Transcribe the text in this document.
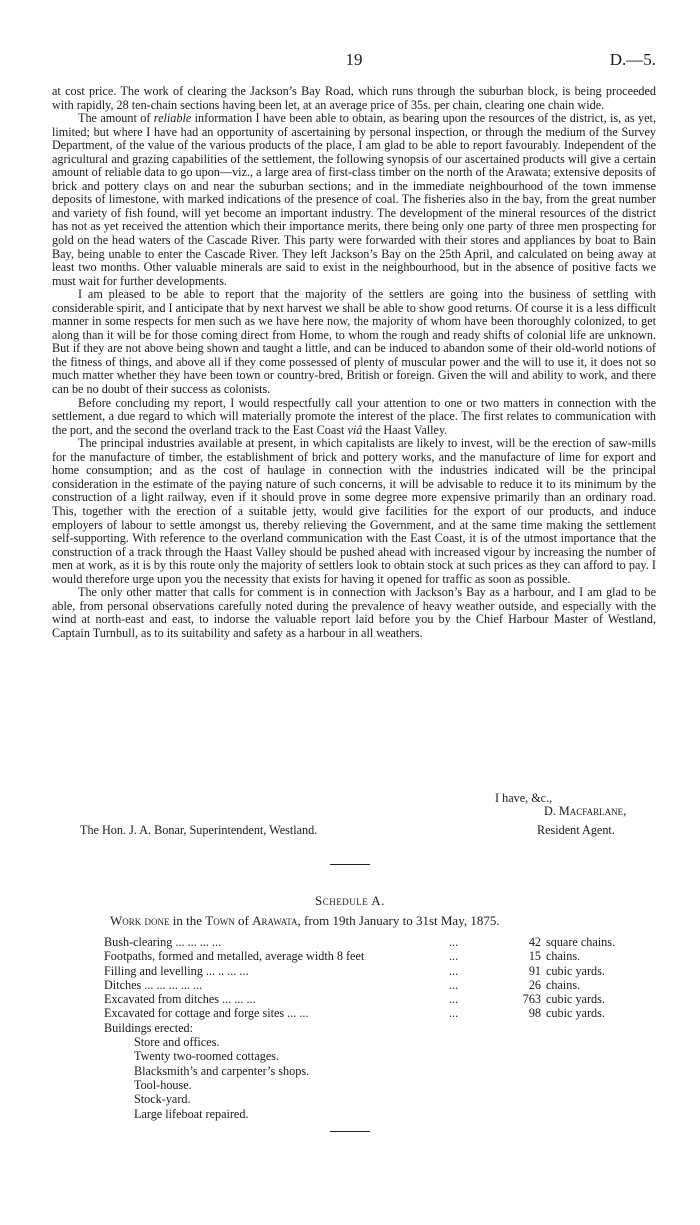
19	D.—5.

at cost price. The work of clearing the Jackson’s Bay Road, which runs through the suburban block, is being proceeded with rapidly, 28 ten-chain sections having been let, at an average price of 35s. per chain, clearing one chain wide.

The amount of reliable information I have been able to obtain, as bearing upon the resources of the district, is, as yet, limited; but where I have had an opportunity of ascertaining by personal inspection, or through the medium of the Survey Department, of the value of the various products of the place, I am glad to be able to report favourably. Independent of the agricultural and grazing capabilities of the settlement, the following synopsis of our ascertained products will give a certain amount of reliable data to go upon—viz., a large area of first-class timber on the north of the Arawata; extensive deposits of brick and pottery clays on and near the suburban sections; and in the immediate neighbourhood of the town immense deposits of limestone, with marked indications of the presence of coal. The fisheries also in the bay, from the great number and variety of fish found, will yet become an important industry. The development of the mineral resources of the district has not as yet received the attention which their importance merits, there being only one party of three men prospecting for gold on the head waters of the Cascade River. This party were forwarded with their stores and appliances by boat to Bain Bay, being unable to enter the Cascade River. They left Jackson’s Bay on the 25th April, and calculated on being away at least two months. Other valuable minerals are said to exist in the neighbourhood, but in the absence of positive facts we must wait for further developments.

I am pleased to be able to report that the majority of the settlers are going into the business of settling with considerable spirit, and I anticipate that by next harvest we shall be able to show good returns. Of course it is a less difficult manner in some respects for men such as we have here now, the majority of whom have been thoroughly colonized, to get along than it will be for those coming direct from Home, to whom the rough and ready shifts of colonial life are unknown. But if they are not above being shown and taught a little, and can be induced to abandon some of their old-world notions of the fitness of things, and above all if they come possessed of plenty of muscular power and the will to use it, it does not so much matter whether they have been town or country-bred, British or foreign. Given the will and ability to work, and there can be no doubt of their success as colonists.

Before concluding my report, I would respectfully call your attention to one or two matters in connection with the settlement, a due regard to which will materially promote the interest of the place. The first relates to communication with the port, and the second the overland track to the East Coast viâ the Haast Valley.

The principal industries available at present, in which capitalists are likely to invest, will be the erection of saw-mills for the manufacture of timber, the establishment of brick and pottery works, and the manufacture of lime for export and home consumption; and as the cost of haulage in connection with the industries indicated will be the principal consideration in the estimate of the paying nature of such concerns, it will be advisable to reduce it to its minimum by the construction of a light railway, even if it should prove in some degree more expensive primarily than an ordinary road. This, together with the erection of a suitable jetty, would give facilities for the export of our products, and induce employers of labour to settle amongst us, thereby relieving the Government, and at the same time making the settlement self-supporting. With reference to the overland communication with the East Coast, it is of the utmost importance that the construction of a track through the Haast Valley should be pushed ahead with increased vigour by increasing the number of men at work, as it is by this route only the majority of settlers look to obtain stock at such prices as they can afford to pay. I would therefore urge upon you the necessity that exists for having it opened for traffic as soon as possible.

The only other matter that calls for comment is in connection with Jackson’s Bay as a harbour, and I am glad to be able, from personal observations carefully noted during the prevalence of heavy weather outside, and especially with the wind at north-east and east, to indorse the valuable report laid before you by the Chief Harbour Master of Westland, Captain Turnbull, as to its suitability and safety as a harbour in all weathers.

I have, &c.,
D. Macfarlane,
The Hon. J. A. Bonar, Superintendent, Westland.	Resident Agent.
Schedule A.
Work done in the Town of Arawata, from 19th January to 31st May, 1875.
Bush-clearing ... ... ... ...	...	42 square chains.
Footpaths, formed and metalled, average width 8 feet	...	15 chains.
Filling and levelling ... .. ... ...	...	91 cubic yards.
Ditches ... ... ... ... ...	...	26 chains.
Excavated from ditches ... ... ...	...	763 cubic yards.
Excavated for cottage and forge sites ... ...	...	98 cubic yards.
Buildings erected:
Store and offices.
Twenty two-roomed cottages.
Blacksmith’s and carpenter’s shops.
Tool-house.
Stock-yard.
Large lifeboat repaired.
